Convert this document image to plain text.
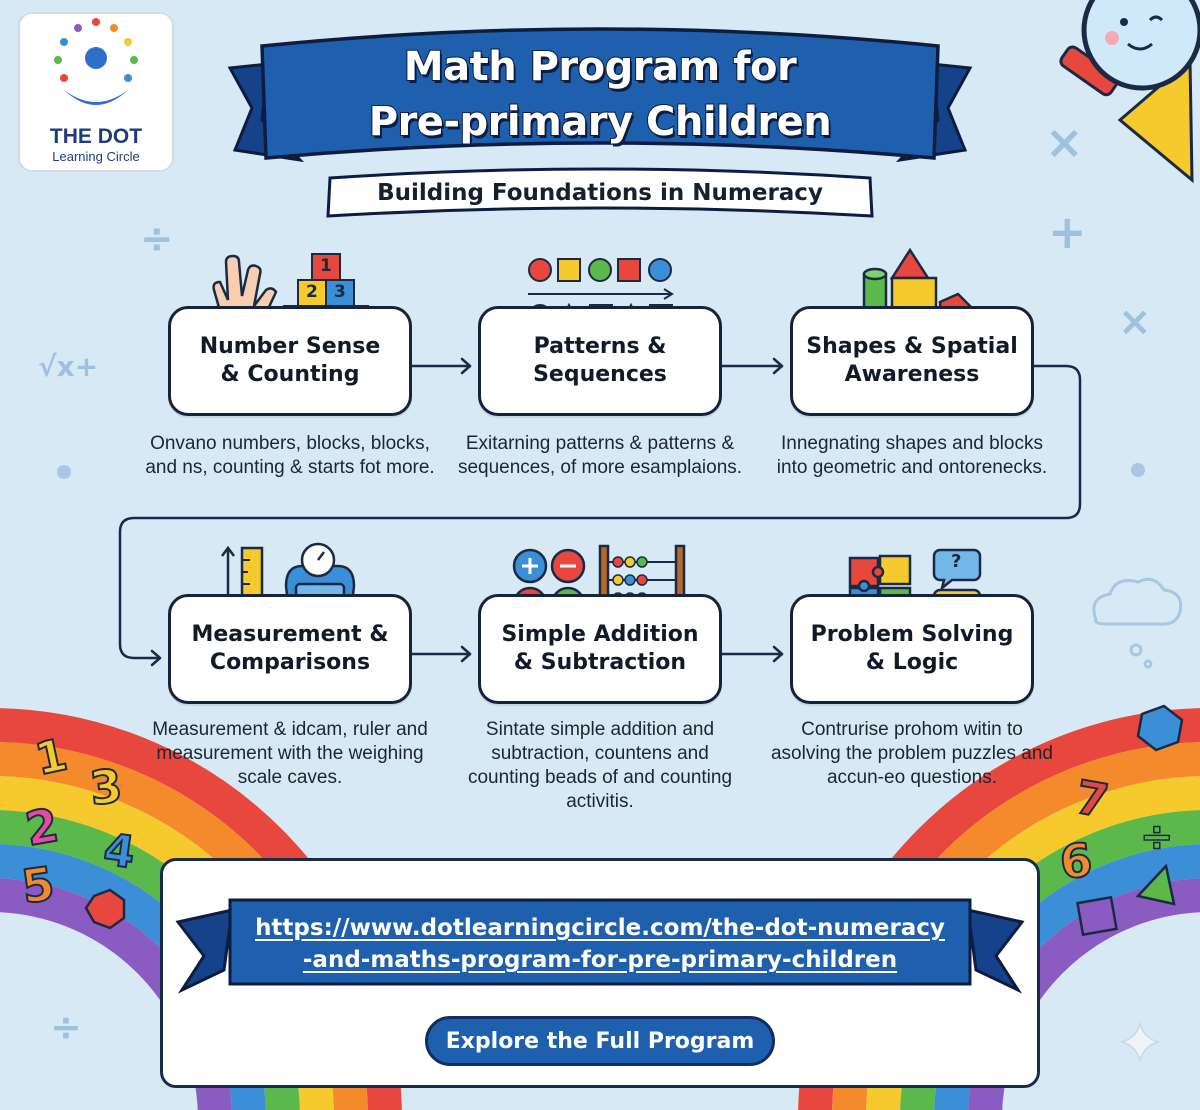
÷
×
+
×
√x+
÷
1
3
2 4
5
7
6 ÷
1
2 3
?
THE DOT
Learning Circle
Math Program for
Pre-primary Children
Building Foundations in Numeracy
Number Sense
& Counting
Onvano numbers, blocks, blocks, and ns, counting & starts fot more.
Patterns &
Sequences
Exitarning patterns & patterns & sequences, of more esamplaions.
Shapes & Spatial
Awareness
Innegnating shapes and blocks into geometric and ontorenecks.
Measurement &
Comparisons
Measurement & idcam, ruler and measurement with the weighing scale caves.
Simple Addition
& Subtraction
Sintate simple addition and subtraction, countens and counting beads of and counting activitis.
Problem Solving
& Logic
Contrurise prohom witin to asolving the problem puzzles and accun-eo questions.
https://www.dotlearningcircle.com/the-dot-numeracy
-and-maths-program-for-pre-primary-children
Explore the Full Program
